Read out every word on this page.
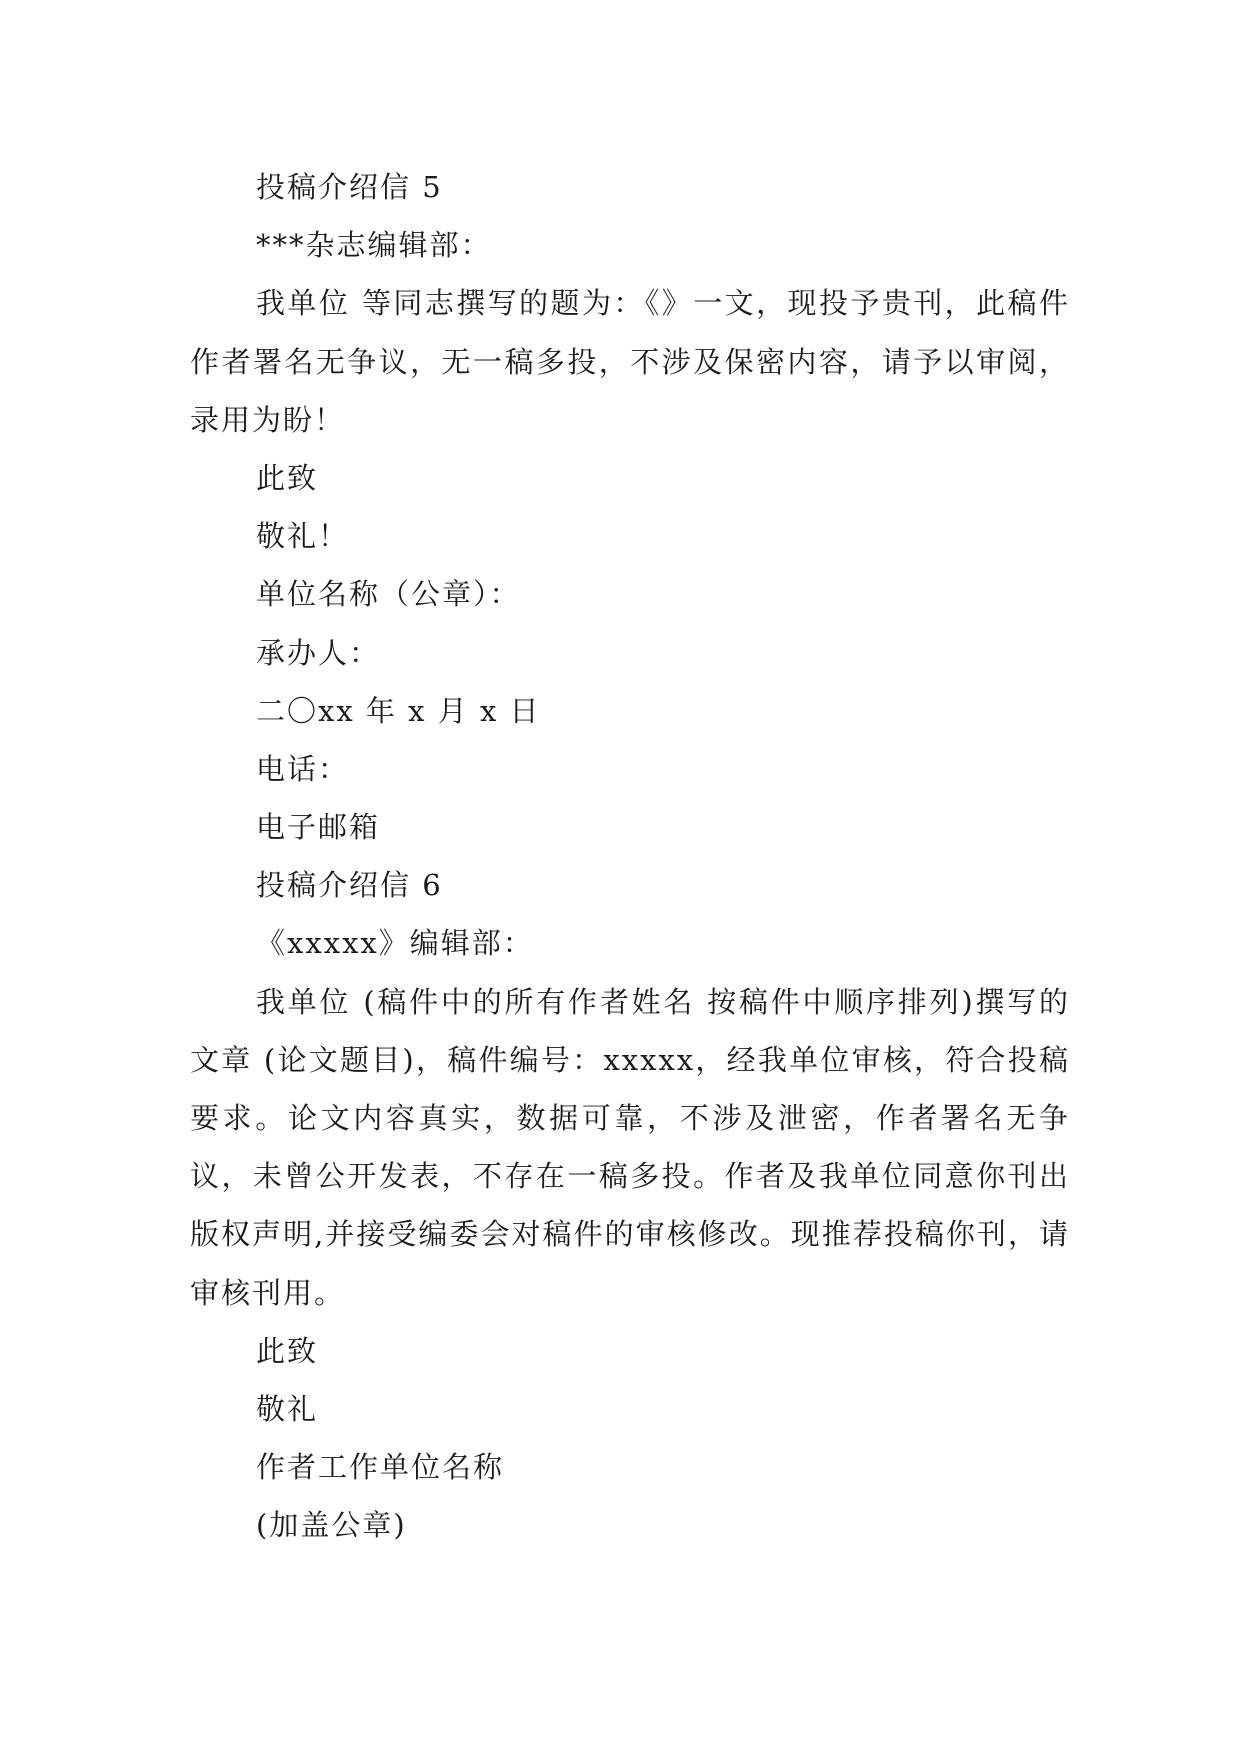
投稿介绍信 5
***杂志编辑部：
我单位 等同志撰写的题为：《》一文，现投予贵刊，此稿件作者署名无争议，无一稿多投，不涉及保密内容，请予以审阅，录用为盼！
此致
敬礼！
单位名称（公章）：
承办人：
二〇xx 年 x 月 x 日
电话：
电子邮箱
投稿介绍信 6
《xxxxx》编辑部：
我单位 (稿件中的所有作者姓名 按稿件中顺序排列)撰写的文章 (论文题目)，稿件编号：xxxxx，经我单位审核，符合投稿要求。论文内容真实，数据可靠，不涉及泄密，作者署名无争议，未曾公开发表，不存在一稿多投。作者及我单位同意你刊出版权声明,并接受编委会对稿件的审核修改。现推荐投稿你刊，请审核刊用。
此致
敬礼
作者工作单位名称
(加盖公章)
